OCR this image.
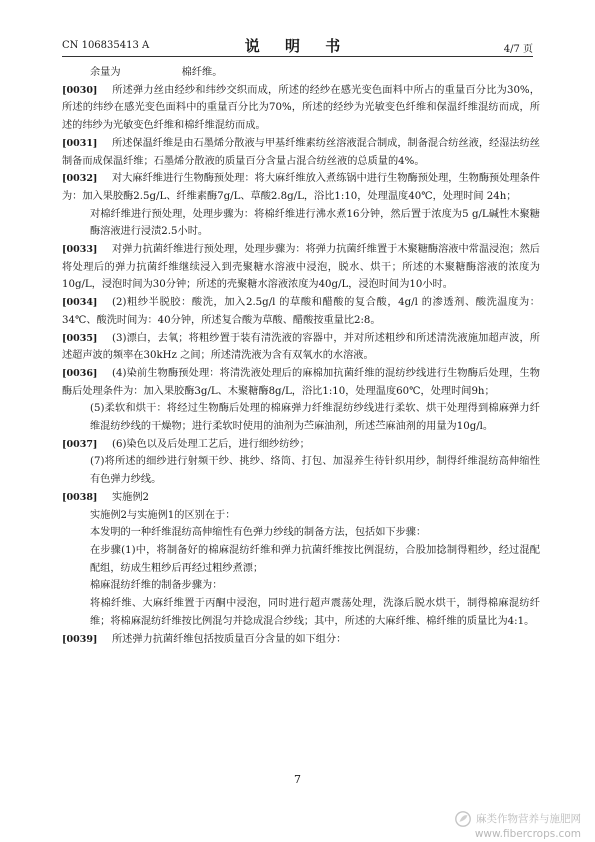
CN 106835413 A	说 明 书	4/7 页

余量为　　　　　　棉纤维。

[0030] 所述弹力丝由经纱和纬纱交织而成，所述的经纱在感光变色面料中所占的重量百分比为30%，所述的纬纱在感光变色面料中的重量百分比为70%，所述的经纱为光敏变色纤维和保温纤维混纺而成，所述的纬纱为光敏变色纤维和棉纤维混纺而成。

[0031] 所述保温纤维是由石墨烯分散液与甲基纤维素纺丝溶液混合制成，制备混合纺丝液，经湿法纺丝制备而成保温纤维；石墨烯分散液的质量百分含量占混合纺丝液的总质量的4%。

[0032] 对大麻纤维进行生物酶预处理：将大麻纤维放入煮练锅中进行生物酶预处理，生物酶预处理条件为：加入果胶酶2.5g/L、纤维素酶7g/L、草酸2.8g/L，浴比1:10，处理温度40℃，处理时间 24h；

对棉纤维进行预处理，处理步骤为：将棉纤维进行沸水煮16分钟，然后置于浓度为5 g/L碱性木聚糖酶溶液进行浸渍2.5小时。

[0033] 对弹力抗菌纤维进行预处理，处理步骤为：将弹力抗菌纤维置于木聚糖酶溶液中常温浸泡；然后将处理后的弹力抗菌纤维继续浸入到壳聚糖水溶液中浸泡，脱水、烘干；所述的木聚糖酶溶液的浓度为10g/L，浸泡时间为30分钟；所述的壳聚糖水溶液浓度为40g/L，浸泡时间为10小时。

[0034] (2)粗纱半脱胶：酸洗，加入2.5g/l 的草酸和醋酸的复合酸，4g/l 的渗透剂、酸洗温度为：34℃、酸洗时间为：40分钟，所述复合酸为草酸、醋酸按重量比2:8。

[0035] (3)漂白，去氧；将粗纱置于装有清洗液的容器中，并对所述粗纱和所述清洗液施加超声波，所述超声波的频率在30kHz 之间；所述清洗液为含有双氧水的水溶液。

[0036] (4)染前生物酶预处理：将清洗液处理后的麻棉加抗菌纤维的混纺纱线进行生物酶后处理，生物酶后处理条件为：加入果胶酶3g/L、木聚糖酶8g/L，浴比1:10，处理温度60℃，处理时间9h；

(5)柔软和烘干：将经过生物酶后处理的棉麻弹力纤维混纺纱线进行柔软、烘干处理得到棉麻弹力纤维混纺纱线的干燥物；进行柔软时使用的油剂为苎麻油剂，所述苎麻油剂的用量为10g/l。

[0037] (6)染色以及后处理工艺后，进行细纱纺纱；

(7)将所述的细纱进行射频干纱、挑纱、络筒、打包、加湿养生待针织用纱，制得纤维混纺高伸缩性有色弹力纱线。

[0038] 实施例2

实施例2与实施例1的区别在于：

本发明的一种纤维混纺高伸缩性有色弹力纱线的制备方法，包括如下步骤：

在步骤(1)中，将制备好的棉麻混纺纤维和弹力抗菌纤维按比例混纺，合股加捻制得粗纱，经过混配配组，纺成生粗纱后再经过粗纱煮漂；

棉麻混纺纤维的制备步骤为：

将棉纤维、大麻纤维置于丙酮中浸泡，同时进行超声震荡处理，洗涤后脱水烘干，制得棉麻混纺纤维；将棉麻混纺纤维按比例混匀并捻成混合纱线；其中，所述的大麻纤维、棉纤维的质量比为4:1。

[0039] 所述弹力抗菌纤维包括按质量百分含量的如下组分：

7
麻类作物营养与施肥网
www.fibercrops.com
